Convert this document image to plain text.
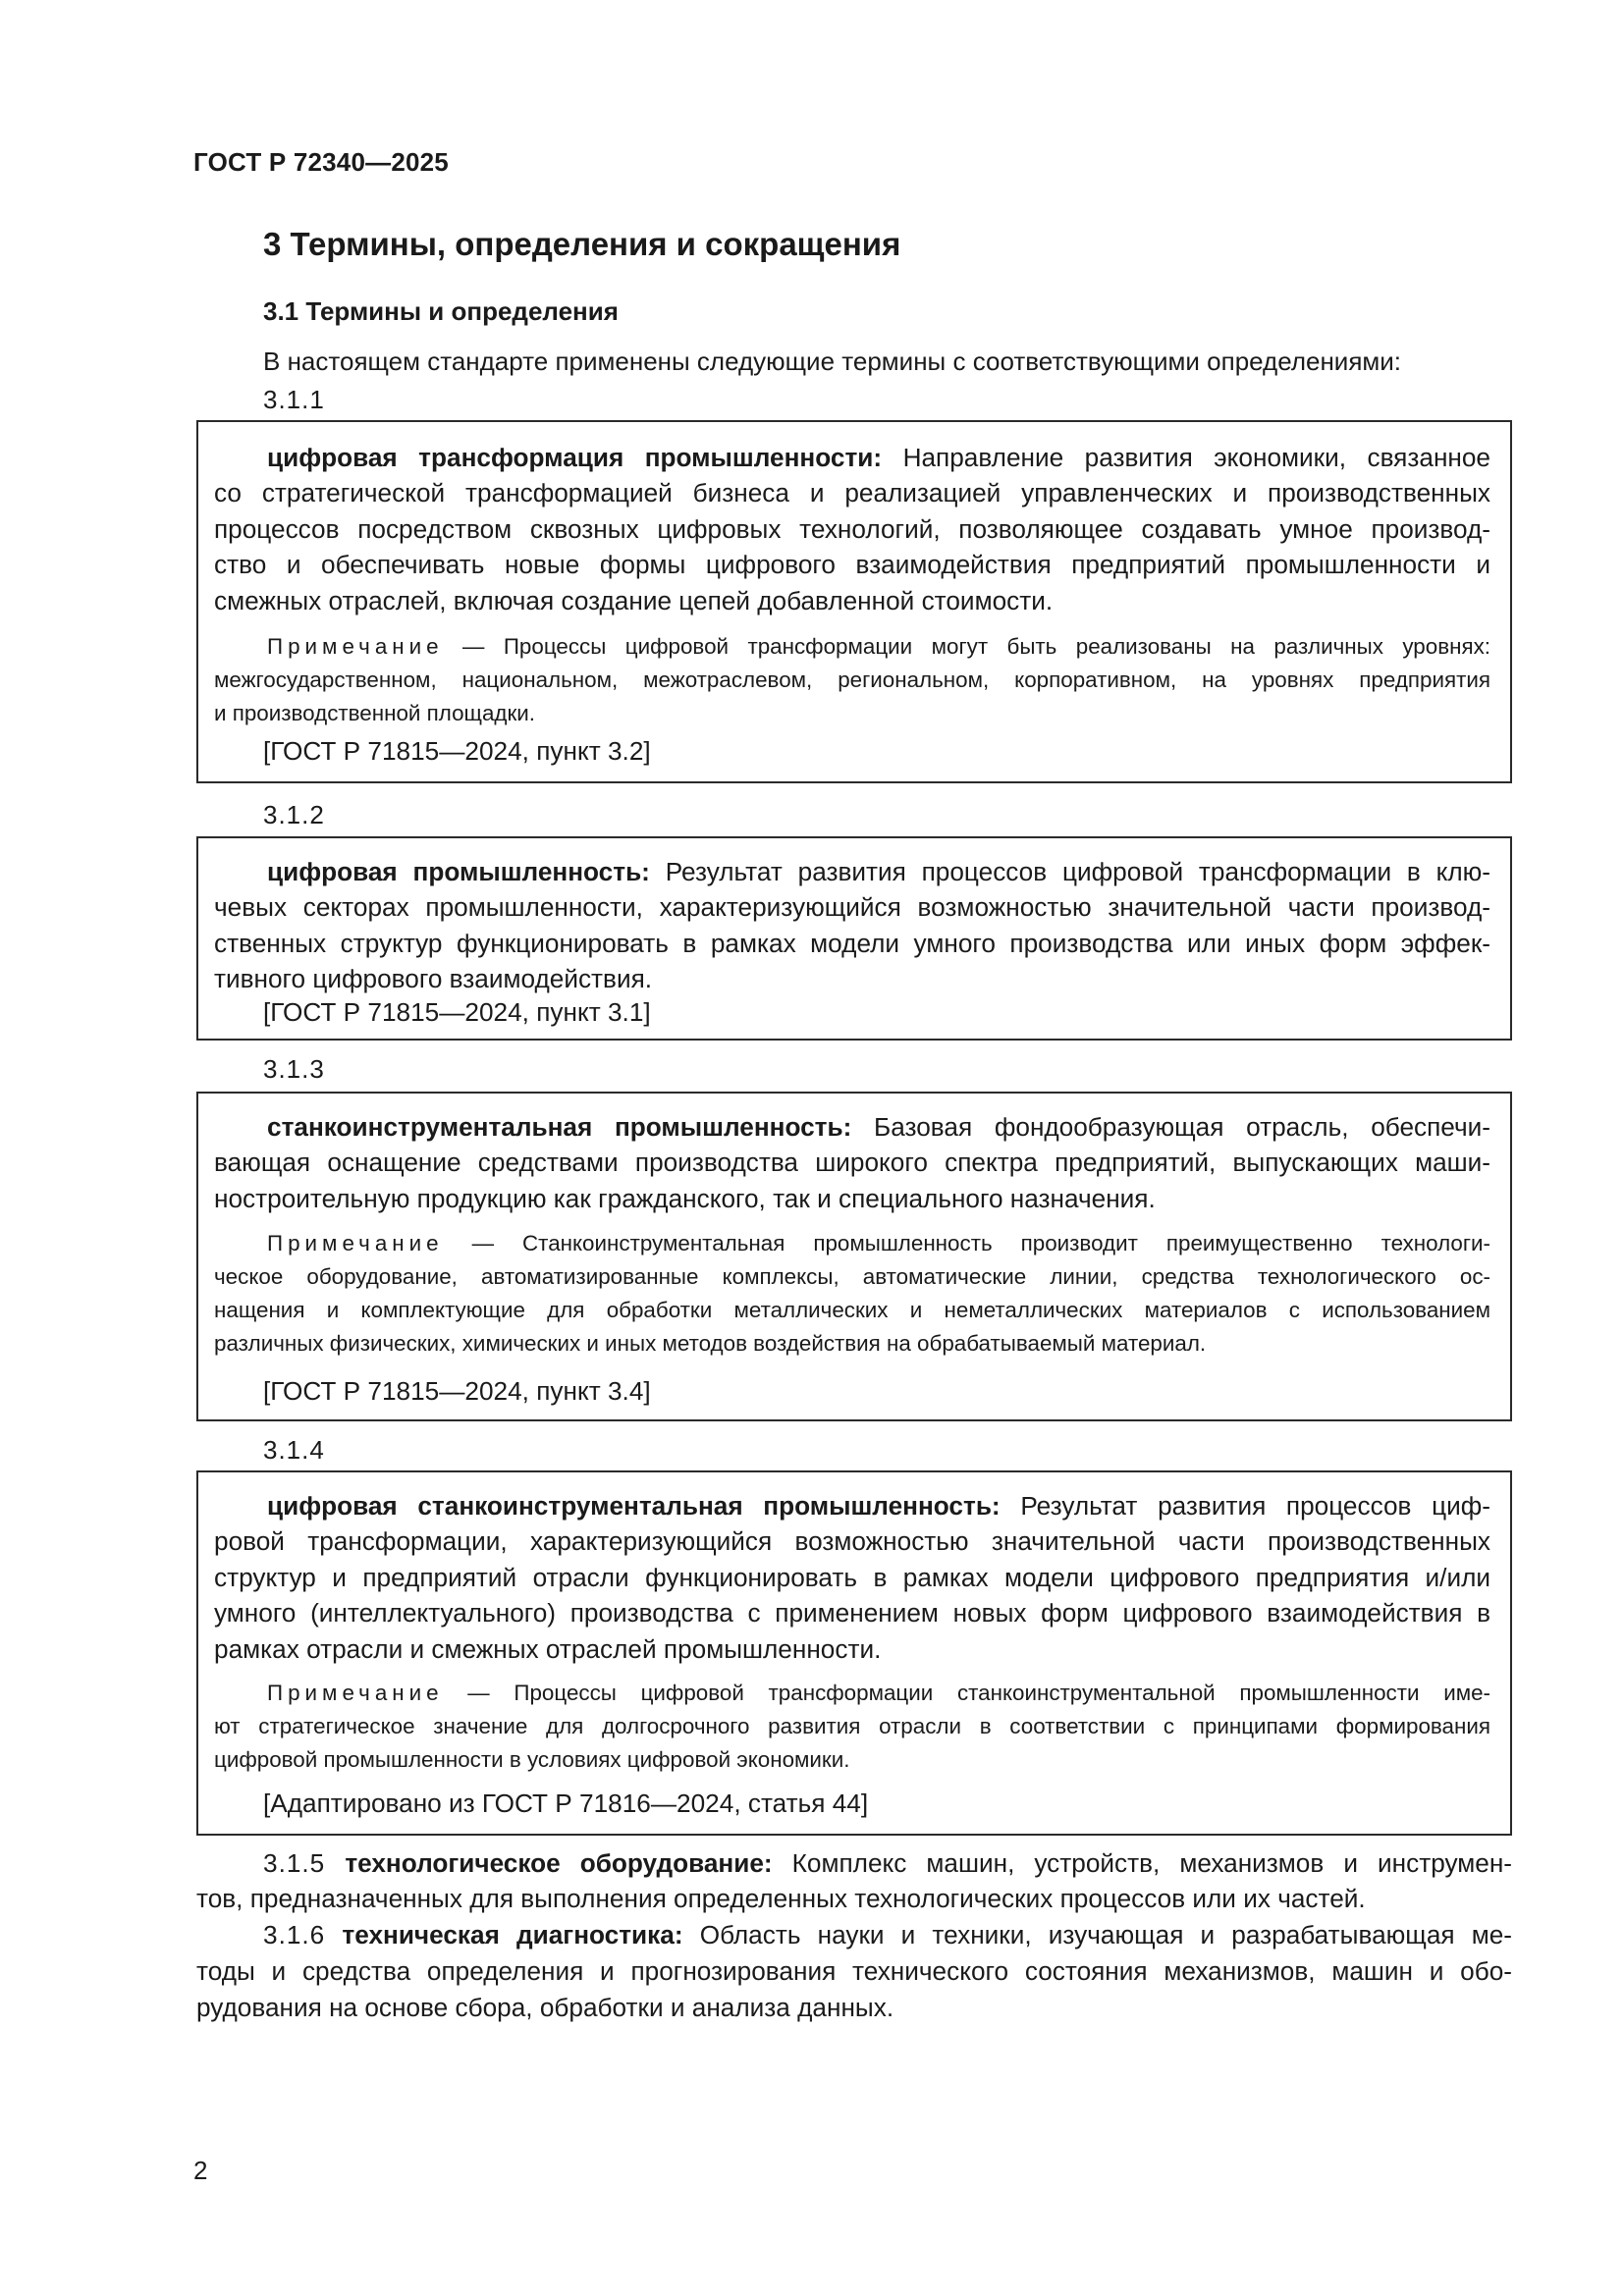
ГОСТ Р 72340—2025
3 Термины, определения и сокращения
3.1 Термины и определения
В настоящем стандарте применены следующие термины с соответствующими определениями:
3.1.1
цифровая трансформация промышленности: Направление развития экономики, связанное
со стратегической трансформацией бизнеса и реализацией управленческих и производственных
процессов посредством сквозных цифровых технологий, позволяющее создавать умное производ-
ство и обеспечивать новые формы цифрового взаимодействия предприятий промышленности и
смежных отраслей, включая создание цепей добавленной стоимости.
Примечание — Процессы цифровой трансформации могут быть реализованы на различных уровнях:
межгосударственном, национальном, межотраслевом, региональном, корпоративном, на уровнях предприятия
и производственной площадки.
[ГОСТ Р 71815—2024, пункт 3.2]
3.1.2
цифровая промышленность: Результат развития процессов цифровой трансформации в клю-
чевых секторах промышленности, характеризующийся возможностью значительной части производ-
ственных структур функционировать в рамках модели умного производства или иных форм эффек-
тивного цифрового взаимодействия.
[ГОСТ Р 71815—2024, пункт 3.1]
3.1.3
станкоинструментальная промышленность: Базовая фондообразующая отрасль, обеспечи-
вающая оснащение средствами производства широкого спектра предприятий, выпускающих маши-
ностроительную продукцию как гражданского, так и специального назначения.
Примечание — Станкоинструментальная промышленность производит преимущественно технологи-
ческое оборудование, автоматизированные комплексы, автоматические линии, средства технологического ос-
нащения и комплектующие для обработки металлических и неметаллических материалов с использованием
различных физических, химических и иных методов воздействия на обрабатываемый материал.
[ГОСТ Р 71815—2024, пункт 3.4]
3.1.4
цифровая станкоинструментальная промышленность: Результат развития процессов циф-
ровой трансформации, характеризующийся возможностью значительной части производственных
структур и предприятий отрасли функционировать в рамках модели цифрового предприятия и/или
умного (интеллектуального) производства с применением новых форм цифрового взаимодействия в
рамках отрасли и смежных отраслей промышленности.
Примечание — Процессы цифровой трансформации станкоинструментальной промышленности име-
ют стратегическое значение для долгосрочного развития отрасли в соответствии с принципами формирования
цифровой промышленности в условиях цифровой экономики.
[Адаптировано из ГОСТ Р 71816—2024, статья 44]
3.1.5 технологическое оборудование: Комплекс машин, устройств, механизмов и инструмен-
тов, предназначенных для выполнения определенных технологических процессов или их частей.
3.1.6 техническая диагностика: Область науки и техники, изучающая и разрабатывающая ме-
тоды и средства определения и прогнозирования технического состояния механизмов, машин и обо-
рудования на основе сбора, обработки и анализа данных.
2
